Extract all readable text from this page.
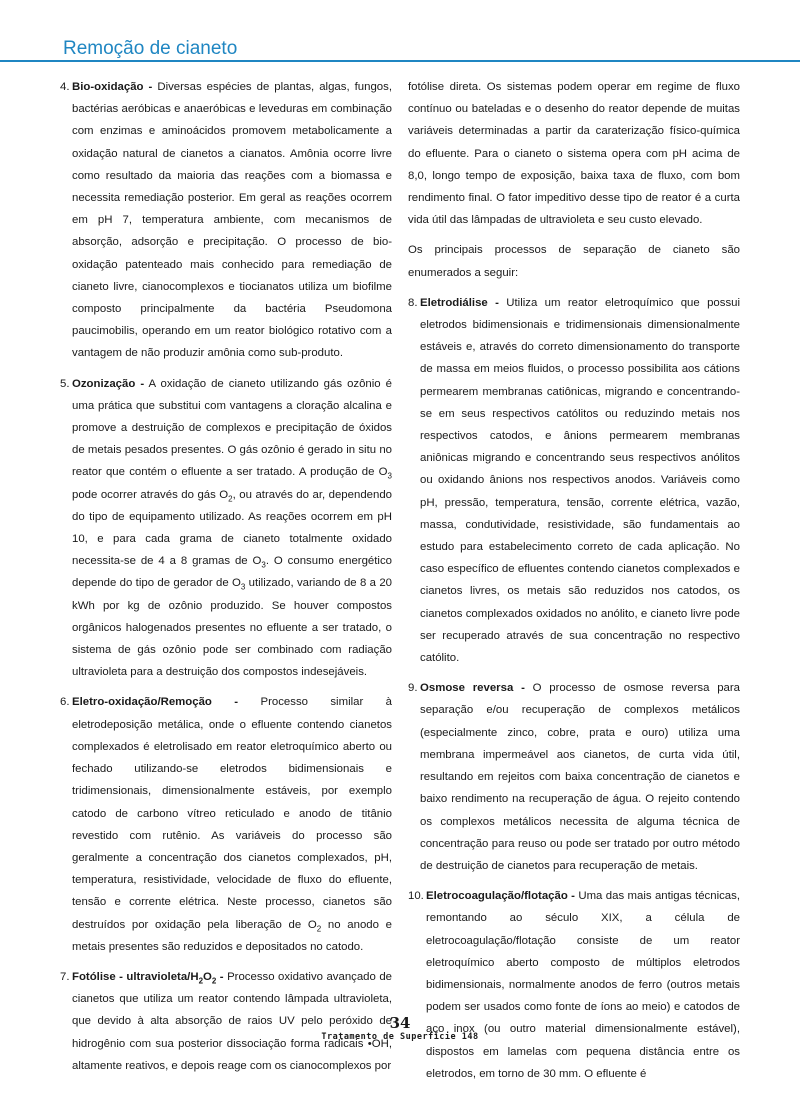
Remoção de cianeto
4. Bio-oxidação - Diversas espécies de plantas, algas, fungos, bactérias aeróbicas e anaeróbicas e leveduras em combinação com enzimas e aminoácidos promovem metabolicamente a oxidação natural de cianetos a cianatos. Amônia ocorre livre como resultado da maioria das reações com a biomassa e necessita remediação posterior. Em geral as reações ocorrem em pH 7, temperatura ambiente, com mecanismos de absorção, adsorção e precipitação. O processo de bio-oxidação patenteado mais conhecido para remediação de cianeto livre, cianocomplexos e tiocianatos utiliza um biofilme composto principalmente da bactéria Pseudomona paucimobilis, operando em um reator biológico rotativo com a vantagem de não produzir amônia como sub-produto.
5. Ozonização - A oxidação de cianeto utilizando gás ozônio é uma prática que substitui com vantagens a cloração alcalina e promove a destruição de complexos e precipitação de óxidos de metais pesados presentes. O gás ozônio é gerado in situ no reator que contém o efluente a ser tratado. A produção de $O_3$ pode ocorrer através do gás $O_2$, ou através do ar, dependendo do tipo de equipamento utilizado. As reações ocorrem em pH 10, e para cada grama de cianeto totalmente oxidado necessita-se de 4 a 8 gramas de $O_3$. O consumo energético depende do tipo de gerador de $O_3$ utilizado, variando de 8 a 20 kWh por kg de ozônio produzido. Se houver compostos orgânicos halogenados presentes no efluente a ser tratado, o sistema de gás ozônio pode ser combinado com radiação ultravioleta para a destruição dos compostos indesejáveis.
6. Eletro-oxidação/Remoção - Processo similar à eletrodeposição metálica, onde o efluente contendo cianetos complexados é eletrolisado em reator eletroquímico aberto ou fechado utilizando-se eletrodos bidimensionais e tridimensionais, dimensionalmente estáveis, por exemplo catodo de carbono vítreo reticulado e anodo de titânio revestido com rutênio. As variáveis do processo são geralmente a concentração dos cianetos complexados, pH, temperatura, resistividade, velocidade de fluxo do efluente, tensão e corrente elétrica. Neste processo, cianetos são destruídos por oxidação pela liberação de $O_2$ no anodo e metais presentes são reduzidos e depositados no catodo.
7. Fotólise - ultravioleta/$H_2O_2$ - Processo oxidativo avançado de cianetos que utiliza um reator contendo lâmpada ultravioleta, que devido à alta absorção de raios UV pelo peróxido de hidrogênio com sua posterior dissociação forma radicais •OH, altamente reativos, e depois reage com os cianocomplexos por

fotólise direta. Os sistemas podem operar em regime de fluxo contínuo ou bateladas e o desenho do reator depende de muitas variáveis determinadas a partir da caraterização físico-química do efluente. Para o cianeto o sistema opera com pH acima de 8,0, longo tempo de exposição, baixa taxa de fluxo, com bom rendimento final. O fator impeditivo desse tipo de reator é a curta vida útil das lâmpadas de ultravioleta e seu custo elevado.

Os principais processos de separação de cianeto são enumerados a seguir:

8. Eletrodiálise - Utiliza um reator eletroquímico que possui eletrodos bidimensionais e tridimensionais dimensionalmente estáveis e, através do correto dimensionamento do transporte de massa em meios fluidos, o processo possibilita aos cátions permearem membranas catiônicas, migrando e concentrando-se em seus respectivos católitos ou reduzindo metais nos respectivos catodos, e ânions permearem membranas aniônicas migrando e concentrando seus respectivos anólitos ou oxidando ânions nos respectivos anodos. Variáveis como pH, pressão, temperatura, tensão, corrente elétrica, vazão, massa, condutividade, resistividade, são fundamentais ao estudo para estabelecimento correto de cada aplicação. No caso específico de efluentes contendo cianetos complexados e cianetos livres, os metais são reduzidos nos catodos, os cianetos complexados oxidados no anólito, e cianeto livre pode ser recuperado através de sua concentração no respectivo católito.
9. Osmose reversa - O processo de osmose reversa para separação e/ou recuperação de complexos metálicos (especialmente zinco, cobre, prata e ouro) utiliza uma membrana impermeável aos cianetos, de curta vida útil, resultando em rejeitos com baixa concentração de cianetos e baixo rendimento na recuperação de água. O rejeito contendo os complexos metálicos necessita de alguma técnica de concentração para reuso ou pode ser tratado por outro método de destruição de cianetos para recuperação de metais.
10. Eletrocoagulação/flotação - Uma das mais antigas técnicas, remontando ao século XIX, a célula de eletrocoagulação/flotação consiste de um reator eletroquímico aberto composto de múltiplos eletrodos bidimensionais, normalmente anodos de ferro (outros metais podem ser usados como fonte de íons ao meio) e catodos de aço inox (ou outro material dimensionalmente estável), dispostos em lamelas com pequena distância entre os eletrodos, em torno de 30 mm. O efluente é
34
Tratamento de Superfície 148
